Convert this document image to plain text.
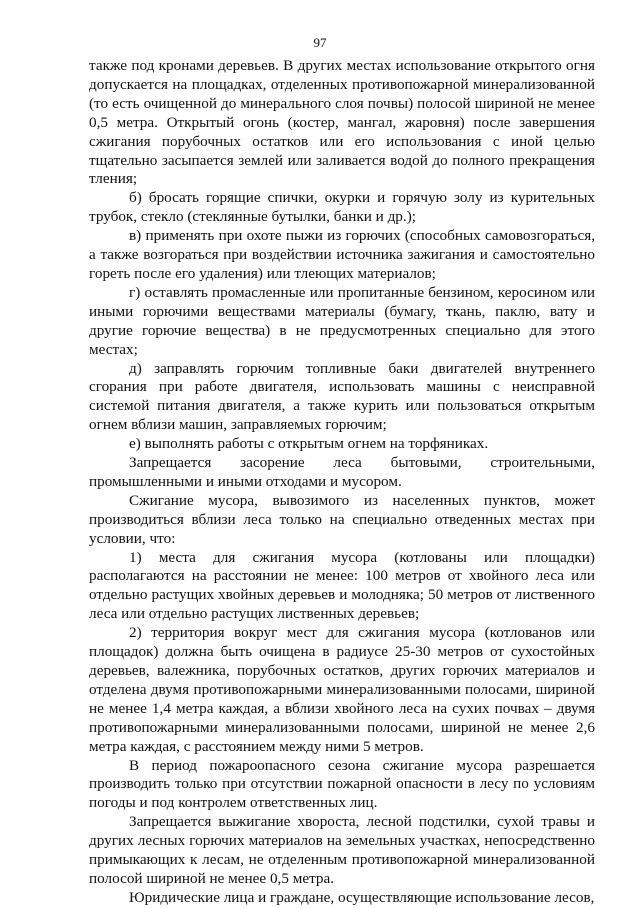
97

также под кронами деревьев. В других местах использование открытого огня допускается на площадках, отделенных противопожарной минерализованной (то есть очищенной до минерального слоя почвы) полосой шириной не менее 0,5 метра. Открытый огонь (костер, мангал, жаровня) после завершения сжигания порубочных остатков или его использования с иной целью тщательно засыпается землей или заливается водой до полного прекращения тления;

б) бросать горящие спички, окурки и горячую золу из курительных трубок, стекло (стеклянные бутылки, банки и др.);

в) применять при охоте пыжи из горючих (способных самовозгораться, а также возгораться при воздействии источника зажигания и самостоятельно гореть после его удаления) или тлеющих материалов;

г) оставлять промасленные или пропитанные бензином, керосином или иными горючими веществами материалы (бумагу, ткань, паклю, вату и другие горючие вещества) в не предусмотренных специально для этого местах;

д) заправлять горючим топливные баки двигателей внутреннего сгорания при работе двигателя, использовать машины с неисправной системой питания двигателя, а также курить или пользоваться открытым огнем вблизи машин, заправляемых горючим;

е) выполнять работы с открытым огнем на торфяниках.

Запрещается засорение леса бытовыми, строительными, промышленными и иными отходами и мусором.

Сжигание мусора, вывозимого из населенных пунктов, может производиться вблизи леса только на специально отведенных местах при условии, что:

1) места для сжигания мусора (котлованы или площадки) располагаются на расстоянии не менее: 100 метров от хвойного леса или отдельно растущих хвойных деревьев и молодняка; 50 метров от лиственного леса или отдельно растущих лиственных деревьев;

2) территория вокруг мест для сжигания мусора (котлованов или площадок) должна быть очищена в радиусе 25-30 метров от сухостойных деревьев, валежника, порубочных остатков, других горючих материалов и отделена двумя противопожарными минерализованными полосами, шириной не менее 1,4 метра каждая, а вблизи хвойного леса на сухих почвах – двумя противопожарными минерализованными полосами, шириной не менее 2,6 метра каждая, с расстоянием между ними 5 метров.

В период пожароопасного сезона сжигание мусора разрешается производить только при отсутствии пожарной опасности в лесу по условиям погоды и под контролем ответственных лиц.

Запрещается выжигание хвороста, лесной подстилки, сухой травы и других лесных горючих материалов на земельных участках, непосредственно примыкающих к лесам, не отделенным противопожарной минерализованной полосой шириной не менее 0,5 метра.

Юридические лица и граждане, осуществляющие использование лесов,
